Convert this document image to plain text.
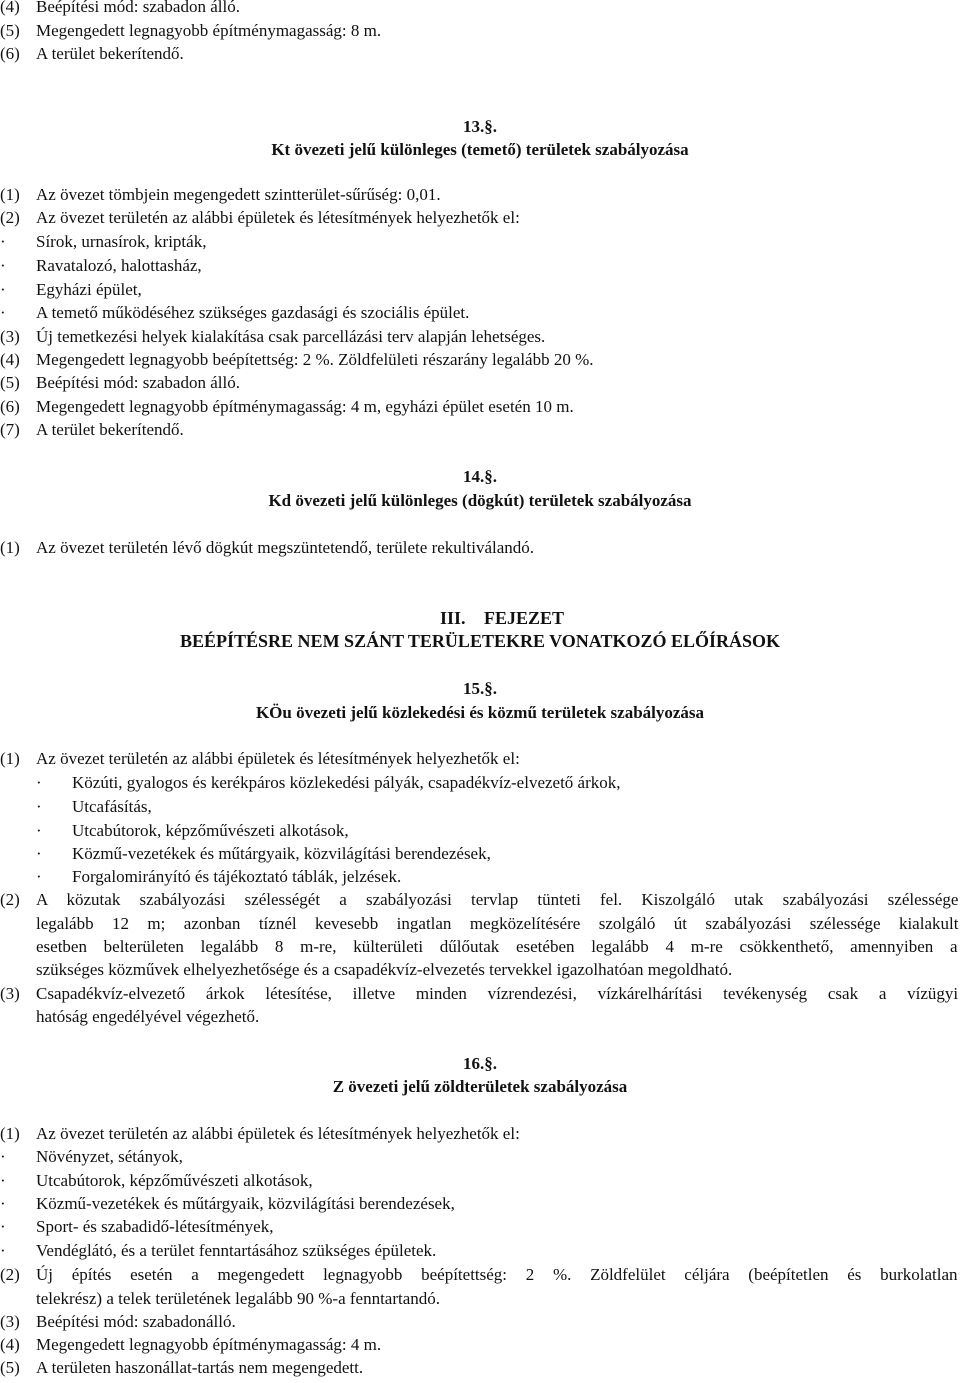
(4) Beépítési mód: szabadon álló.
(5) Megengedett legnagyobb építménymagasság: 8 m.
(6) A terület bekerítendő.
13.§.
Kt övezeti jelű különleges (temető) területek szabályozása
(1) Az övezet tömbjein megengedett szintterület-sűrűség: 0,01.
(2) Az övezet területén az alábbi épületek és létesítmények helyezhetők el:
· Sírok, urnasírok, kripták,
· Ravatalozó, halottasház,
· Egyházi épület,
· A temető működéséhez szükséges gazdasági és szociális épület.
(3) Új temetkezési helyek kialakítása csak parcellázási terv alapján lehetséges.
(4) Megengedett legnagyobb beépítettség: 2 %. Zöldfelületi részarány legalább 20 %.
(5) Beépítési mód: szabadon álló.
(6) Megengedett legnagyobb építménymagasság: 4 m, egyházi épület esetén 10 m.
(7) A terület bekerítendő.
14.§.
Kd övezeti jelű különleges (dögkút) területek szabályozása
(1) Az övezet területén lévő dögkút megszüntetendő, területe rekultiválandó.
III. FEJEZET
BEÉPÍTÉSRE NEM SZÁNT TERÜLETEKRE VONATKOZÓ ELŐÍRÁSOK
15.§.
KÖu övezeti jelű közlekedési és közmű területek szabályozása
(1) Az övezet területén az alábbi épületek és létesítmények helyezhetők el:
· Közúti, gyalogos és kerékpáros közlekedési pályák, csapadékvíz-elvezető árkok,
· Utcafásítás,
· Utcabútorok, képzőművészeti alkotások,
· Közmű-vezetékek és műtárgyaik, közvilágítási berendezések,
· Forgalomirányító és tájékoztató táblák, jelzések.
(2) A közutak szabályozási szélességét a szabályozási tervlap tünteti fel. Kiszolgáló utak szabályozási szélessége
legalább 12 m; azonban tíznél kevesebb ingatlan megközelítésére szolgáló út szabályozási szélessége kialakult
esetben belterületen legalább 8 m-re, külterületi dűlőutak esetében legalább 4 m-re csökkenthető, amennyiben a
szükséges közművek elhelyezhetősége és a csapadékvíz-elvezetés tervekkel igazolhatóan megoldható.
(3) Csapadékvíz-elvezető árkok létesítése, illetve minden vízrendezési, vízkárelhárítási tevékenység csak a vízügyi
hatóság engedélyével végezhető.
16.§.
Z övezeti jelű zöldterületek szabályozása
(1) Az övezet területén az alábbi épületek és létesítmények helyezhetők el:
· Növényzet, sétányok,
· Utcabútorok, képzőművészeti alkotások,
· Közmű-vezetékek és műtárgyaik, közvilágítási berendezések,
· Sport- és szabadidő-létesítmények,
· Vendéglátó, és a terület fenntartásához szükséges épületek.
(2) Új építés esetén a megengedett legnagyobb beépítettség: 2 %. Zöldfelület céljára (beépítetlen és burkolatlan
telekrész) a telek területének legalább 90 %-a fenntartandó.
(3) Beépítési mód: szabadonálló.
(4) Megengedett legnagyobb építménymagasság: 4 m.
(5) A területen haszonállat-tartás nem megengedett.
